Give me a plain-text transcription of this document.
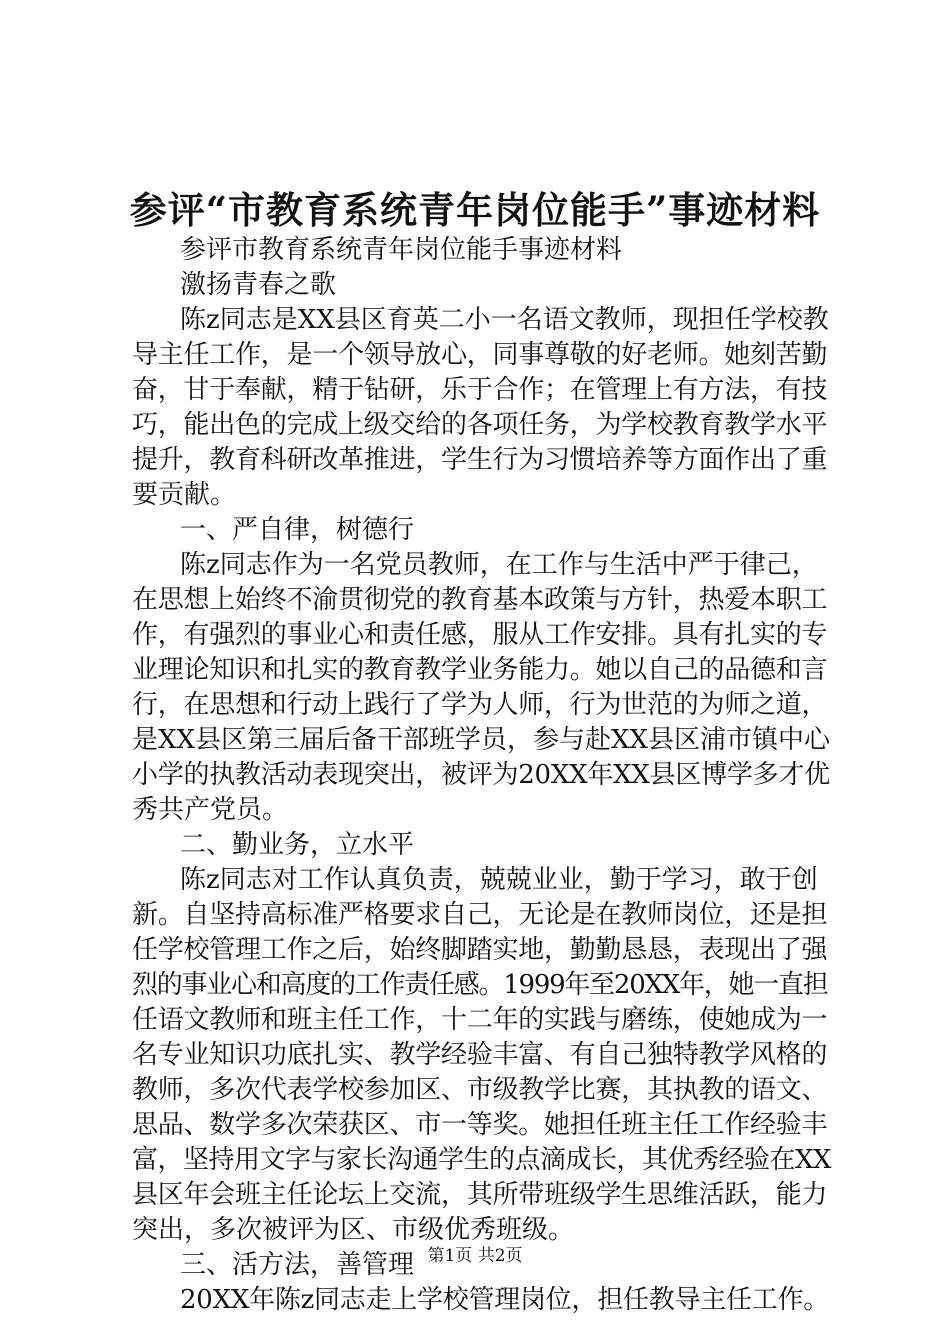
参评“市教育系统青年岗位能手”事迹材料
参评市教育系统青年岗位能手事迹材料
激扬青春之歌
陈z同志是XX县区育英二小一名语文教师，现担任学校教
导主任工作，是一个领导放心，同事尊敬的好老师。她刻苦勤
奋，甘于奉献，精于钻研，乐于合作；在管理上有方法，有技
巧，能出色的完成上级交给的各项任务，为学校教育教学水平
提升，教育科研改革推进，学生行为习惯培养等方面作出了重
要贡献。
一、严自律，树德行
陈z同志作为一名党员教师，在工作与生活中严于律己，
在思想上始终不渝贯彻党的教育基本政策与方针，热爱本职工
作，有强烈的事业心和责任感，服从工作安排。具有扎实的专
业理论知识和扎实的教育教学业务能力。她以自己的品德和言
行，在思想和行动上践行了学为人师，行为世范的为师之道，
是XX县区第三届后备干部班学员，参与赴XX县区浦市镇中心
小学的执教活动表现突出，被评为20XX年XX县区博学多才优
秀共产党员。
二、勤业务，立水平
陈z同志对工作认真负责，兢兢业业，勤于学习，敢于创
新。自坚持高标准严格要求自己，无论是在教师岗位，还是担
任学校管理工作之后，始终脚踏实地，勤勤恳恳，表现出了强
烈的事业心和高度的工作责任感。1999年至20XX年，她一直担
任语文教师和班主任工作，十二年的实践与磨练，使她成为一
名专业知识功底扎实、教学经验丰富、有自己独特教学风格的
教师，多次代表学校参加区、市级教学比赛，其执教的语文、
思品、数学多次荣获区、市一等奖。她担任班主任工作经验丰
富，坚持用文字与家长沟通学生的点滴成长，其优秀经验在XX
县区年会班主任论坛上交流，其所带班级学生思维活跃，能力
突出，多次被评为区、市级优秀班级。
三、活方法，善管理
20XX年陈z同志走上学校管理岗位，担任教导主任工作。
第1页 共2页
